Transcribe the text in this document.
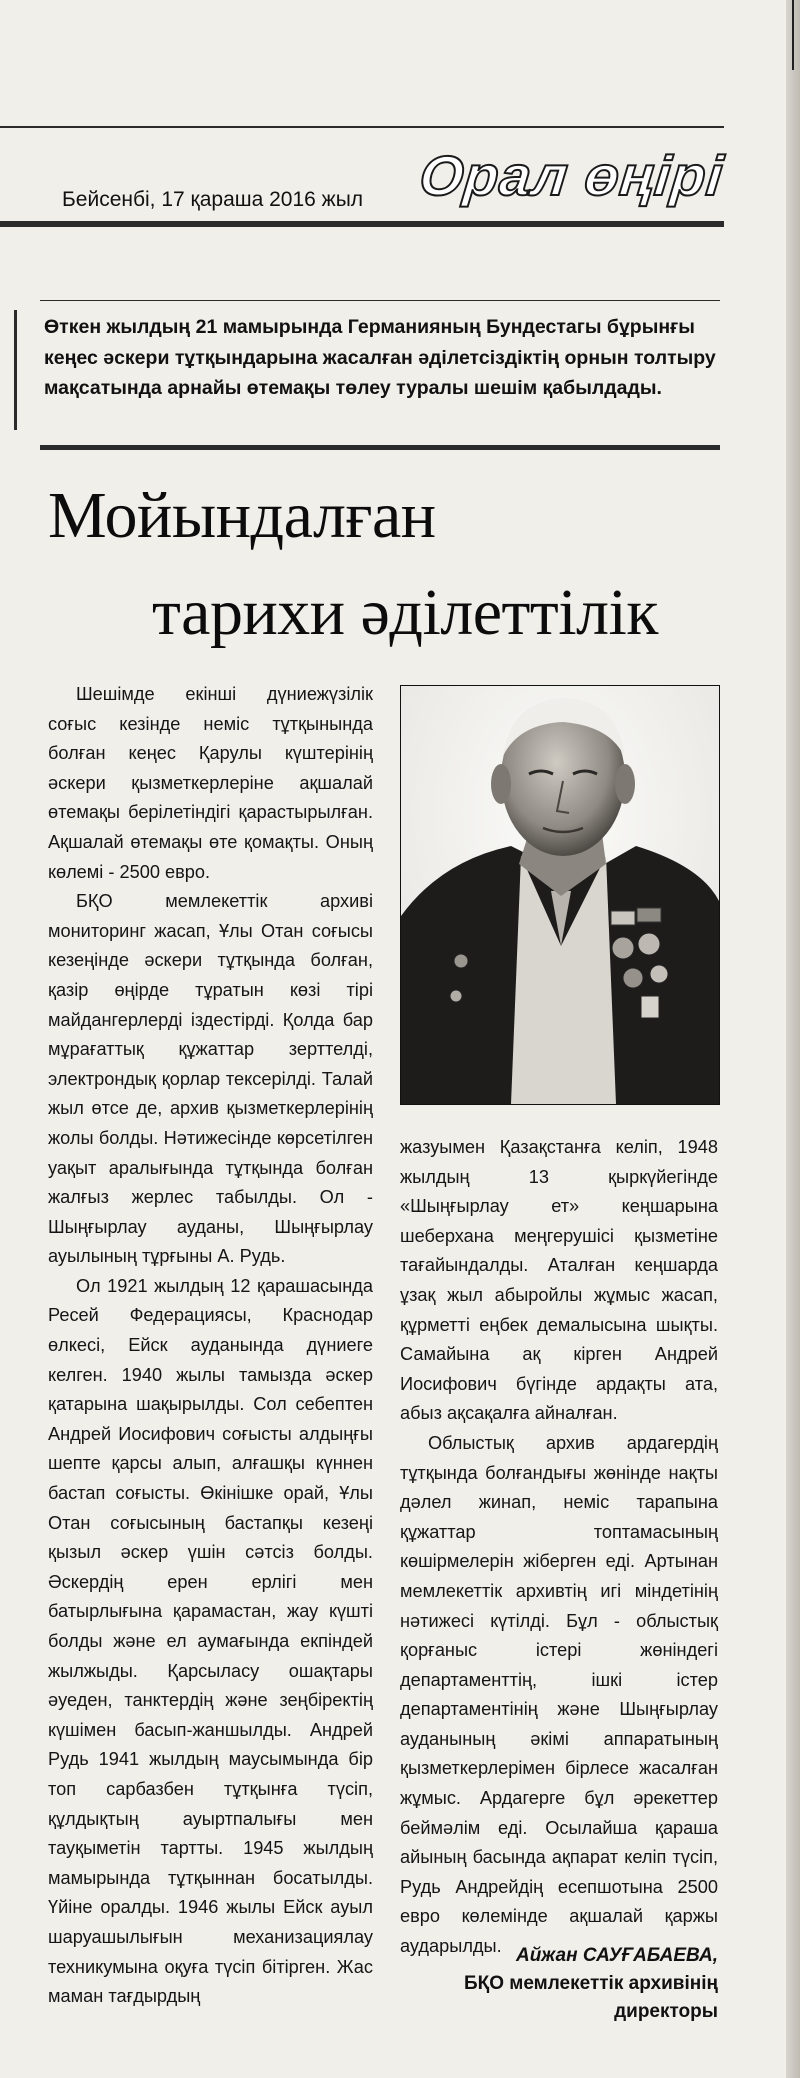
Бейсенбі, 17 қараша 2016 жыл Орал өңірі
Өткен жылдың 21 мамырында Германияның Бундестагы бұрынғы кеңес әскери тұтқындарына жасалған әділетсіздіктің орнын толтыру мақсатында арнайы өтемақы төлеу туралы шешім қабылдады.
Мойындалған
тарихи әділеттілік

Шешімде екінші дүниежүзілік соғыс кезінде неміс тұтқынында болған кеңес Қарулы күштерінің әскери қызметкерлеріне ақшалай өтемақы берілетіндігі қарастырылған. Ақшалай өтемақы өте қомақты. Оның көлемі - 2500 евро.

БҚО мемлекеттік архиві мониторинг жасап, Ұлы Отан соғысы кезеңінде әскери тұтқында болған, қазір өңірде тұратын көзі тірі майдангерлерді іздестірді. Қолда бар мұрағаттық құжаттар зерттелді, электрондық қорлар тексерілді. Талай жыл өтсе де, архив қызметкерлерінің жолы болды. Нәтижесінде көрсетілген уақыт аралығында тұтқында болған жалғыз жерлес табылды. Ол - Шыңғырлау ауданы, Шыңғырлау ауылының тұрғыны А. Рудь.

Ол 1921 жылдың 12 қарашасында Ресей Федерациясы, Краснодар өлкесі, Ейск ауданында дүниеге келген. 1940 жылы тамызда әскер қатарына шақырылды. Сол себептен Андрей Иосифович соғысты алдыңғы шепте қарсы алып, алғашқы күннен бастап соғысты. Өкінішке орай, Ұлы Отан соғысының бастапқы кезеңі қызыл әскер үшін сәтсіз болды. Әскердің ерен ерлігі мен батырлығына қарамастан, жау күшті болды және ел аумағында екпіндей жылжыды. Қарсыласу ошақтары әуеден, танктердің және зеңбіректің күшімен басып-жаншылды. Андрей Рудь 1941 жылдың маусымында бір топ сарбазбен тұтқынға түсіп, құлдықтың ауыртпалығы мен тауқыметін тартты. 1945 жылдың мамырында тұтқыннан босатылды. Үйіне оралды. 1946 жылы Ейск ауыл шаруашылығын механизациялау техникумына оқуға түсіп бітірген. Жас маман тағдырдың

жазуымен Қазақстанға келіп, 1948 жылдың 13 қыркүйегінде «Шыңғырлау ет» кеңшарына шеберхана меңгерушісі қызметіне тағайындалды. Аталған кеңшарда ұзақ жыл абыройлы жұмыс жасап, құрметті еңбек демалысына шықты. Самайына ақ кірген Андрей Иосифович бүгінде ардақты ата, абыз ақсақалға айналған.

Облыстық архив ардагердің тұтқында болғандығы жөнінде нақты дәлел жинап, неміс тарапына құжаттар топтамасының көшірмелерін жіберген еді. Артынан мемлекеттік архивтің игі міндетінің нәтижесі күтілді. Бұл - облыстық қорғаныс істері жөніндегі департаменттің, ішкі істер департаментінің және Шыңғырлау ауданының әкімі аппаратының қызметкерлерімен бірлесе жасалған жұмыс. Ардагерге бұл әрекеттер беймәлім еді. Осылайша қараша айының басында ақпарат келіп түсіп, Рудь Андрейдің есепшотына 2500 евро көлемінде ақшалай қаржы аударылды. Айжан САУҒАБАЕВА,
БҚО мемлекеттік архивінің
директоры
